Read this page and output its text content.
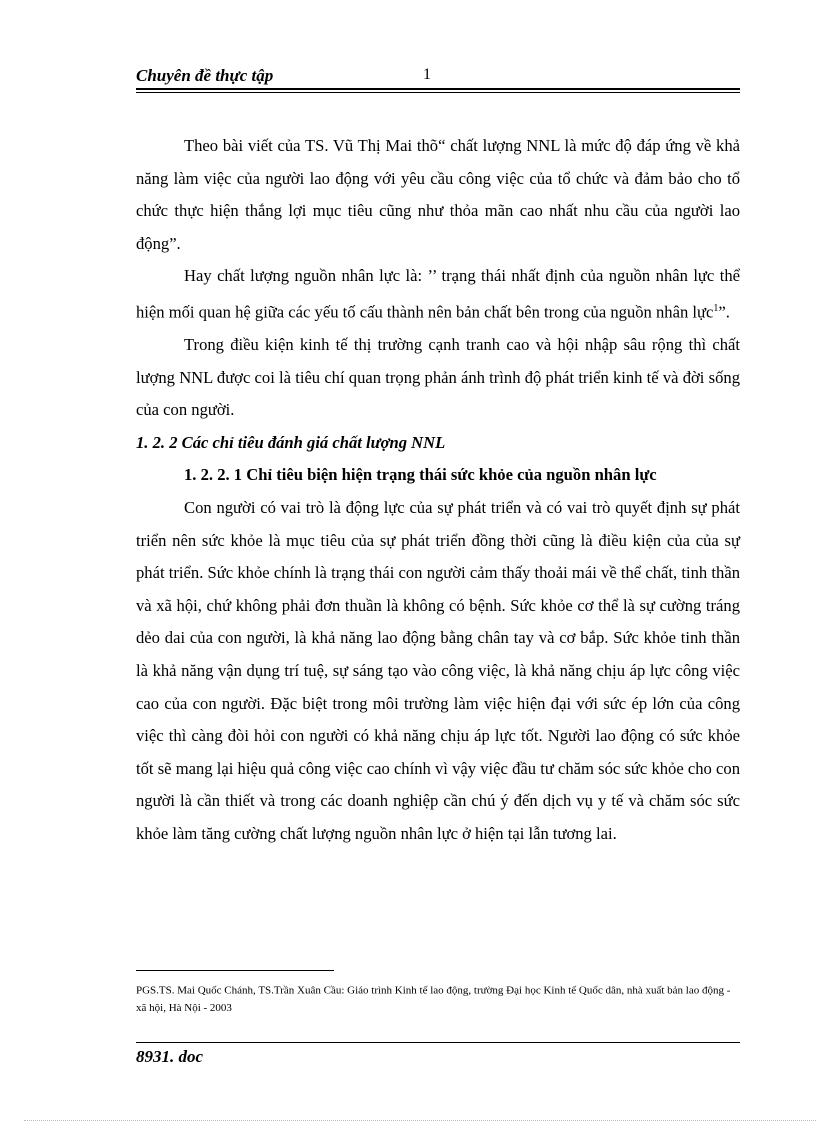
Chuyên đề thực tập	1

Theo bài viết của TS. Vũ Thị Mai thõ“ chất lượng NNL là mức độ đáp ứng về khả năng làm việc của người lao động với yêu cầu công việc của tổ chức và đảm bảo cho tổ chức thực hiện thắng lợi mục tiêu cũng như thỏa mãn cao nhất nhu cầu của người lao động”.

Hay chất lượng nguồn nhân lực là: ’’ trạng thái nhất định của nguồn nhân lực thể hiện mối quan hệ giữa các yếu tố cấu thành nên bản chất bên trong của nguồn nhân lực$^1$”.

Trong điều kiện kinh tế thị trường cạnh tranh cao và hội nhập sâu rộng thì chất lượng NNL được coi là tiêu chí quan trọng phản ánh trình độ phát triển kinh tế và đời sống của con người.

1. 2. 2 Các chỉ tiêu đánh giá chất lượng NNL
1. 2. 2. 1 Chỉ tiêu biện hiện trạng thái sức khỏe của nguồn nhân lực

Con người có vai trò là động lực của sự phát triển và có vai trò quyết định sự phát triển nên sức khỏe là mục tiêu của sự phát triển đồng thời cũng là điều kiện của của sự phát triển. Sức khỏe chính là trạng thái con người cảm thấy thoải mái về thể chất, tinh thần và xã hội, chứ không phải đơn thuần là không có bệnh. Sức khỏe cơ thể là sự cường tráng dẻo dai của con người, là khả năng lao động bằng chân tay và cơ bắp. Sức khỏe tinh thần là khả năng vận dụng trí tuệ, sự sáng tạo vào công việc, là khả năng chịu áp lực công việc cao của con người. Đặc biệt trong môi trường làm việc hiện đại với sức ép lớn của công việc thì càng đòi hỏi con người có khả năng chịu áp lực tốt. Người lao động có sức khỏe tốt sẽ mang lại hiệu quả công việc cao chính vì vậy việc đầu tư chăm sóc sức khỏe cho con người là cần thiết và trong các doanh nghiệp cần chú ý đến dịch vụ y tế và chăm sóc sức khỏe làm tăng cường chất lượng nguồn nhân lực ở hiện tại lẫn tương lai.

PGS.TS. Mai Quốc Chánh, TS.Trần Xuân Cầu: Giáo trình Kinh tế lao động, trường Đại học Kinh tế Quốc dân, nhà xuất bản lao động - xã hội, Hà Nội - 2003
8931. doc
